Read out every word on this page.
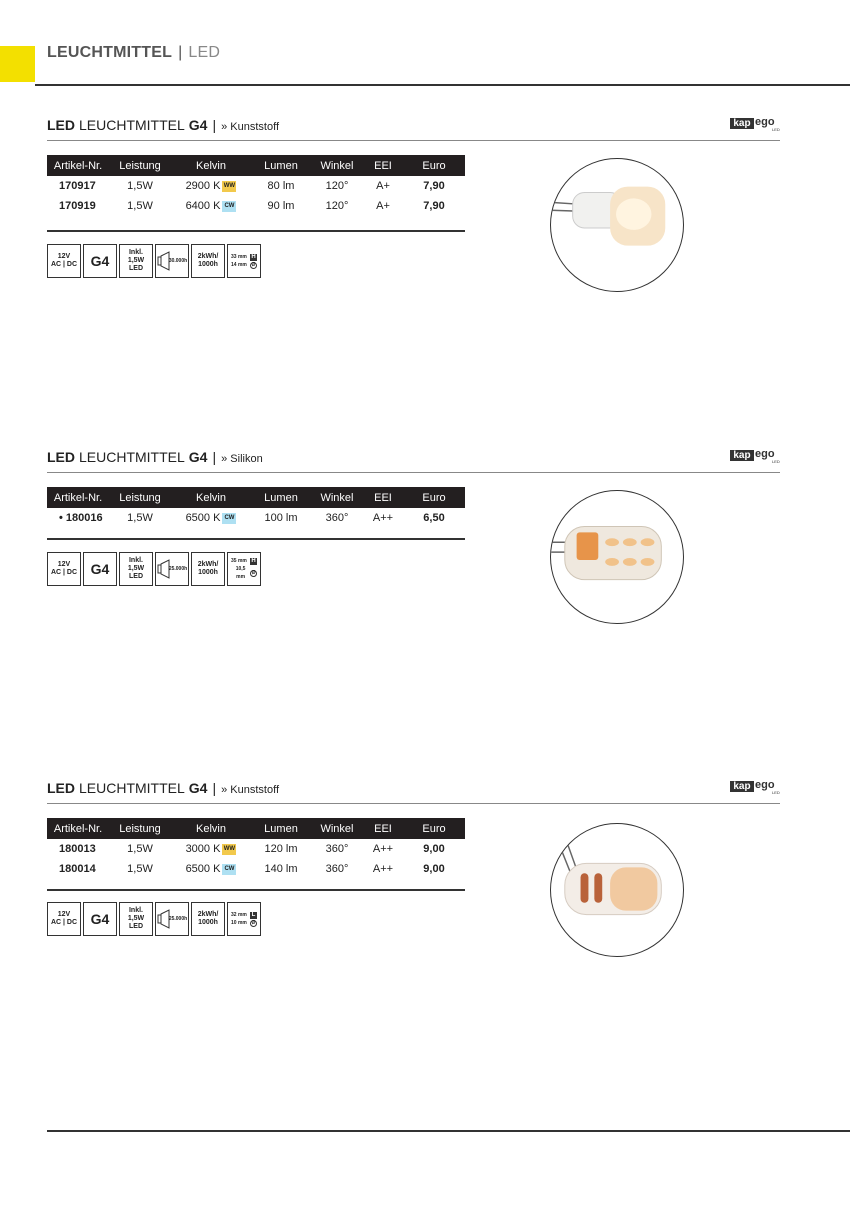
LEUCHTMITTEL | LED
LED LEUCHTMITTEL G4 | » Kunststoff	kap ego
LED
Artikel-Nr.	Leistung	Kelvin	Lumen	Winkel	EEI	Euro
170917	1,5W	2900 K WW	80 lm	120°	A+	7,90
170919	1,5W	6400 K CW	90 lm	120°	A+	7,90
12V
AC | DC G4
Inkl.
1,5W
LED
30.000h
2kWh/
1000h
33 mm H
14 mm Ø
LED LEUCHTMITTEL G4 | » Silikon	kap ego
LED
Artikel-Nr.	Leistung	Kelvin	Lumen	Winkel	EEI	Euro
• 180016	1,5W	6500 K CW	100 lm	360°	A++	6,50
12V
AC | DC G4
Inkl.
1,5W
LED
25.000h
2kWh/
1000h
35 mm H
10,5 mm
Ø
LED LEUCHTMITTEL G4 | » Kunststoff	kap ego
LED
Artikel-Nr.	Leistung	Kelvin	Lumen	Winkel	EEI	Euro
180013	1,5W	3000 K WW	120 lm	360°	A++	9,00
180014	1,5W	6500 K CW	140 lm	360°	A++	9,00
12V
AC | DC G4
Inkl.
1,5W
LED
25.000h
2kWh/
1000h
32 mm L
10 mm Ø
